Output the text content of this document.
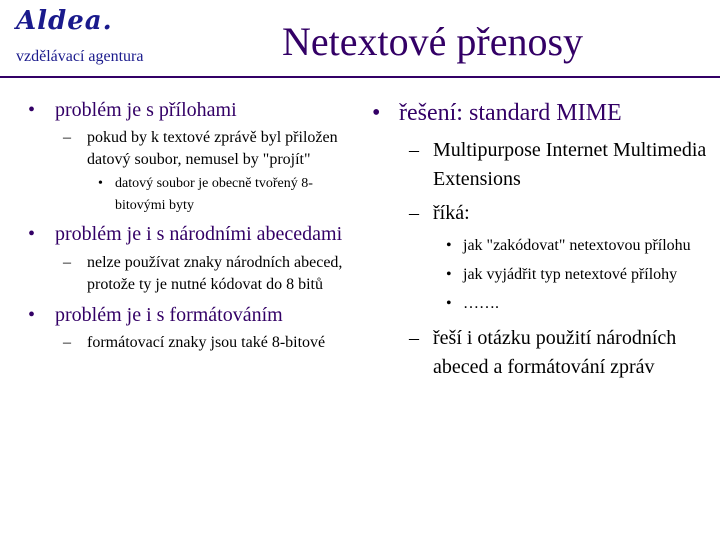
Aldea.
vzdělávací agentura	Netextové přenosy
• problém je s přílohami
– pokud by k textové zprávě byl přiložen datový soubor, nemusel by "projít"
• datový soubor je obecně tvořený 8-bitovými byty
• problém je i s národními abecedami
– nelze používat znaky národních abeced, protože ty je nutné kódovat do 8 bitů
• problém je i s formátováním
– formátovací znaky jsou také 8-bitové
• řešení: standard MIME
– Multipurpose Internet Multimedia Extensions
– říká:
• jak "zakódovat" netextovou přílohu
• jak vyjádřit typ netextové přílohy
• …….
– řeší i otázku použití národních abeced a formátování zpráv
